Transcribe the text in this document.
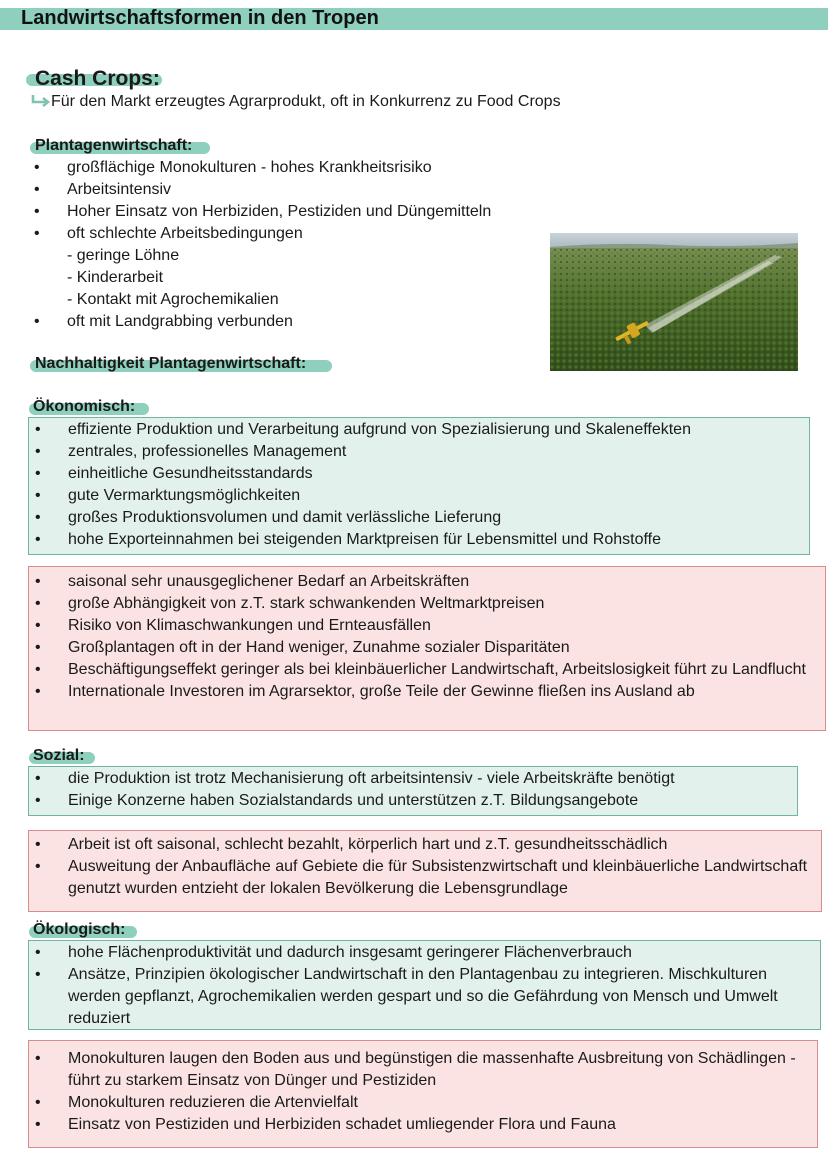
Landwirtschaftsformen in den Tropen
Cash Crops:

Für den Markt erzeugtes Agrarprodukt, oft in Konkurrenz zu Food Crops

Plantagenwirtschaft:
• großflächige Monokulturen - hohes Krankheitsrisiko
• Arbeitsintensiv
• Hoher Einsatz von Herbiziden, Pestiziden und Düngemitteln
• oft schlechte Arbeitsbedingungen
- geringe Löhne
- Kinderarbeit
- Kontakt mit Agrochemikalien
• oft mit Landgrabbing verbunden
Nachhaltigkeit Plantagenwirtschaft:
Ökonomisch:
• effiziente Produktion und Verarbeitung aufgrund von Spezialisierung und Skaleneffekten
• zentrales, professionelles Management
• einheitliche Gesundheitsstandards
• gute Vermarktungsmöglichkeiten
• großes Produktionsvolumen und damit verlässliche Lieferung
• hohe Exporteinnahmen bei steigenden Marktpreisen für Lebensmittel und Rohstoffe
• saisonal sehr unausgeglichener Bedarf an Arbeitskräften
• große Abhängigkeit von z.T. stark schwankenden Weltmarktpreisen
• Risiko von Klimaschwankungen und Ernteausfällen
• Großplantagen oft in der Hand weniger, Zunahme sozialer Disparitäten
• Beschäftigungseffekt geringer als bei kleinbäuerlicher Landwirtschaft, Arbeitslosigkeit führt zu Landflucht
• Internationale Investoren im Agrarsektor, große Teile der Gewinne fließen ins Ausland ab
Sozial:
• die Produktion ist trotz Mechanisierung oft arbeitsintensiv - viele Arbeitskräfte benötigt
• Einige Konzerne haben Sozialstandards und unterstützen z.T. Bildungsangebote
• Arbeit ist oft saisonal, schlecht bezahlt, körperlich hart und z.T. gesundheitsschädlich
• Ausweitung der Anbaufläche auf Gebiete die für Subsistenzwirtschaft und kleinbäuerliche Landwirtschaft genutzt wurden entzieht der lokalen Bevölkerung die Lebensgrundlage
Ökologisch:
• hohe Flächenproduktivität und dadurch insgesamt geringerer Flächenverbrauch
• Ansätze, Prinzipien ökologischer Landwirtschaft in den Plantagenbau zu integrieren. Mischkulturen werden gepflanzt, Agrochemikalien werden gespart und so die Gefährdung von Mensch und Umwelt reduziert
• Monokulturen laugen den Boden aus und begünstigen die massenhafte Ausbreitung von Schädlingen - führt zu starkem Einsatz von Dünger und Pestiziden
• Monokulturen reduzieren die Artenvielfalt
• Einsatz von Pestiziden und Herbiziden schadet umliegender Flora und Fauna
